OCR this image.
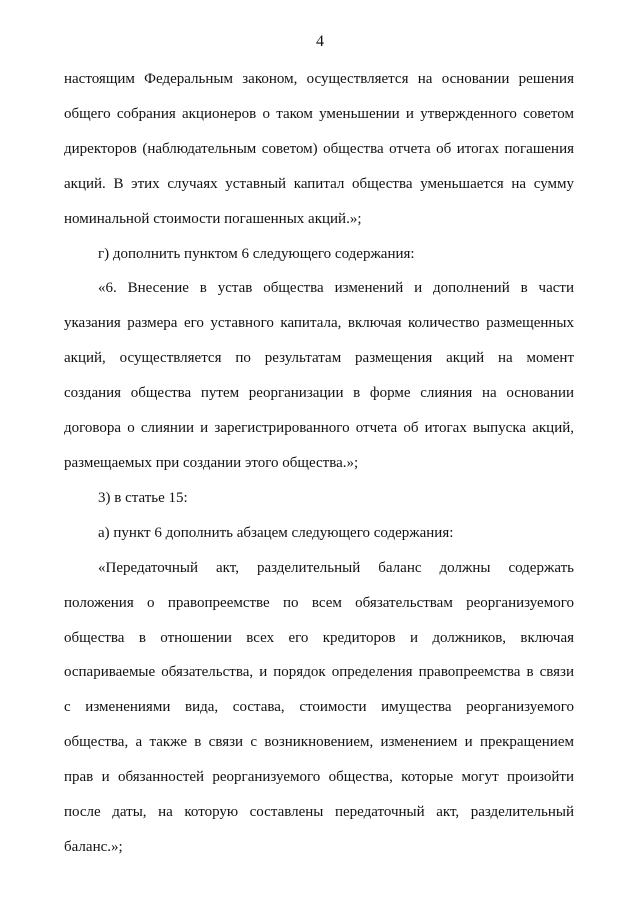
4
настоящим Федеральным законом, осуществляется на основании решения
общего собрания акционеров о таком уменьшении и утвержденного советом
директоров (наблюдательным советом) общества отчета об итогах погашения
акций. В этих случаях уставный капитал общества уменьшается на сумму
номинальной стоимости погашенных акций.»;
г) дополнить пунктом 6 следующего содержания:
«6. Внесение в устав общества изменений и дополнений в части
указания размера его уставного капитала, включая количество размещенных
акций, осуществляется по результатам размещения акций на момент
создания общества путем реорганизации в форме слияния на основании
договора о слиянии и зарегистрированного отчета об итогах выпуска акций,
размещаемых при создании этого общества.»;
3) в статье 15:
а) пункт 6 дополнить абзацем следующего содержания:
«Передаточный акт, разделительный баланс должны содержать
положения о правопреемстве по всем обязательствам реорганизуемого
общества в отношении всех его кредиторов и должников, включая
оспариваемые обязательства, и порядок определения правопреемства в связи
с изменениями вида, состава, стоимости имущества реорганизуемого
общества, а также в связи с возникновением, изменением и прекращением
прав и обязанностей реорганизуемого общества, которые могут произойти
после даты, на которую составлены передаточный акт, разделительный
баланс.»;
